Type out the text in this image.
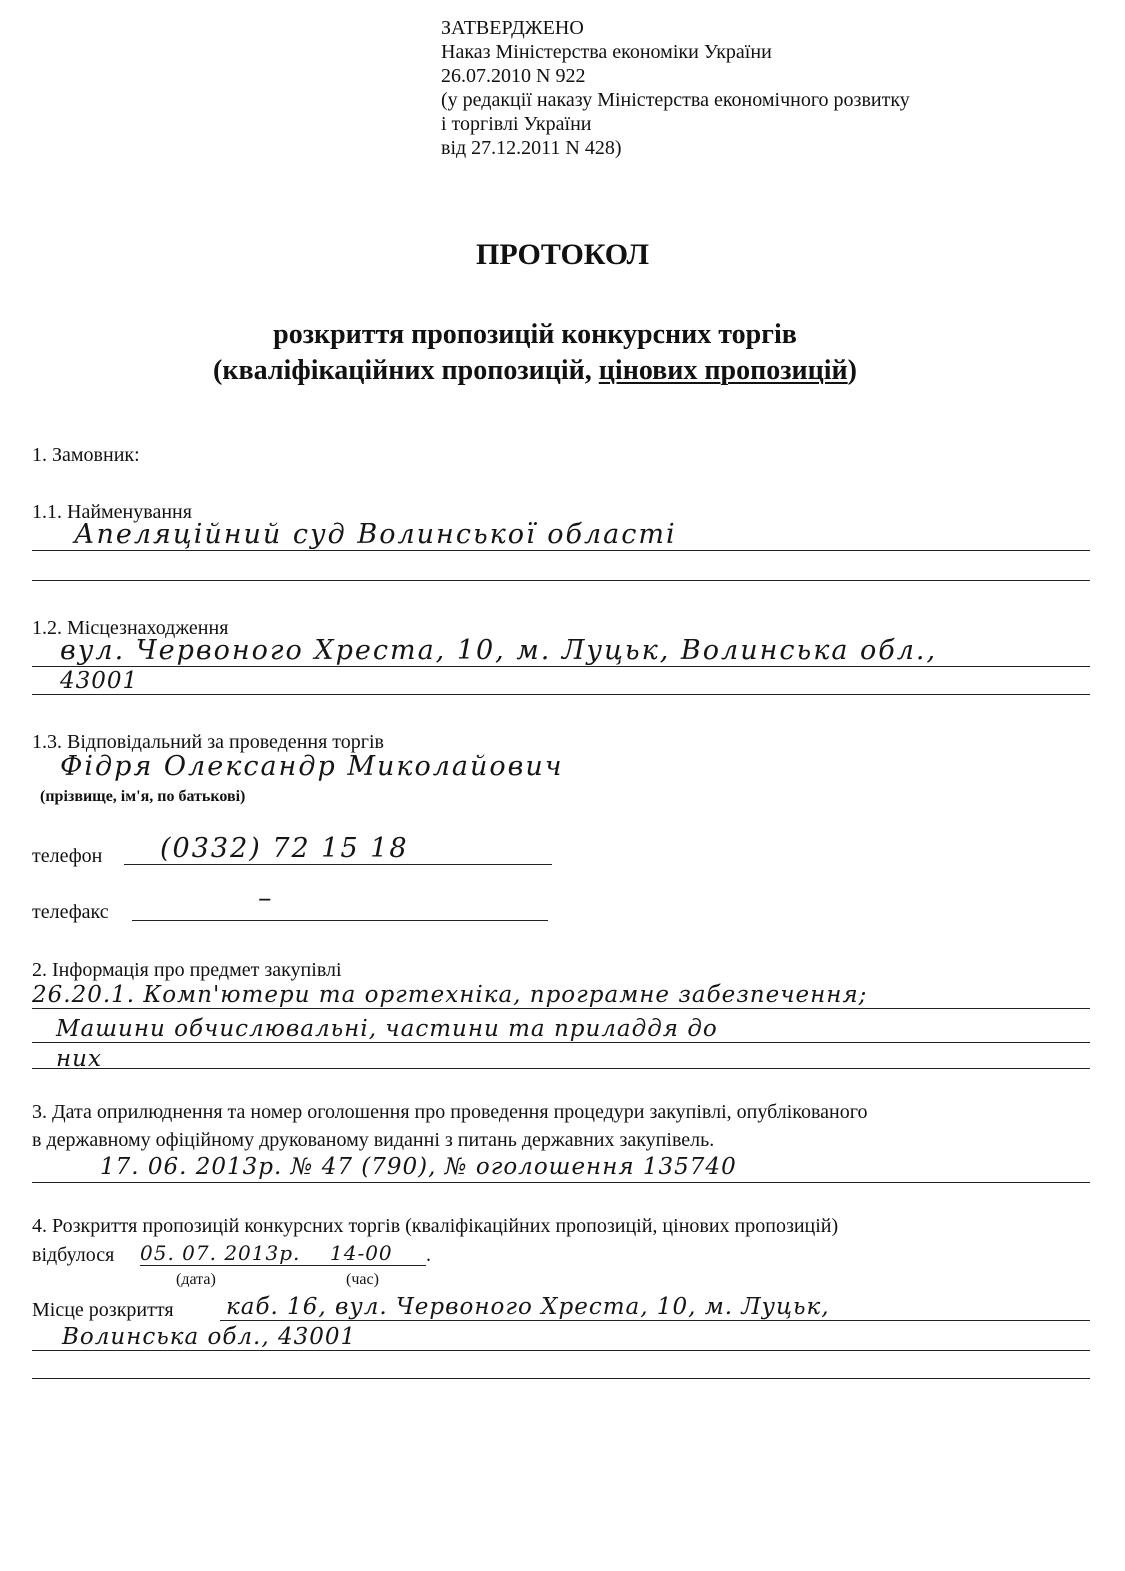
ЗАТВЕРДЖЕНО
Наказ Міністерства економіки України
26.07.2010 N 922
(у редакції наказу Міністерства економічного розвитку
і торгівлі України
від 27.12.2011 N 428)
ПРОТОКОЛ
розкриття пропозицій конкурсних торгів
(кваліфікаційних пропозицій, цінових пропозицій)
1. Замовник:
1.1. Найменування
Апеляційний суд Волинської області
1.2. Місцезнаходження
вул. Червоного Хреста, 10, м. Луцьк, Волинська обл.,
43001
1.3. Відповідальний за проведення торгів
Фідря Олександр Миколайович
(прізвище, ім'я, по батькові)
телефон (0332) 72 15 18
телефакс	–
2. Інформація про предмет закупівлі
26.20.1. Комп'ютери та оргтехніка, програмне забезпечення;
Машини обчислювальні, частини та приладдя до
них
3. Дата оприлюднення та номер оголошення про проведення процедури закупівлі, опублікованого
в державному офіційному друкованому виданні з питань державних закупівель.
17. 06. 2013р. № 47 (790), № оголошення 135740
4. Розкриття пропозицій конкурсних торгів (кваліфікаційних пропозицій, цінових пропозицій)
відбулося 05. 07. 2013р. 14-00 .
(дата)	(час)
Місце розкриття каб. 16, вул. Червоного Хреста, 10, м. Луцьк,
Волинська обл., 43001
